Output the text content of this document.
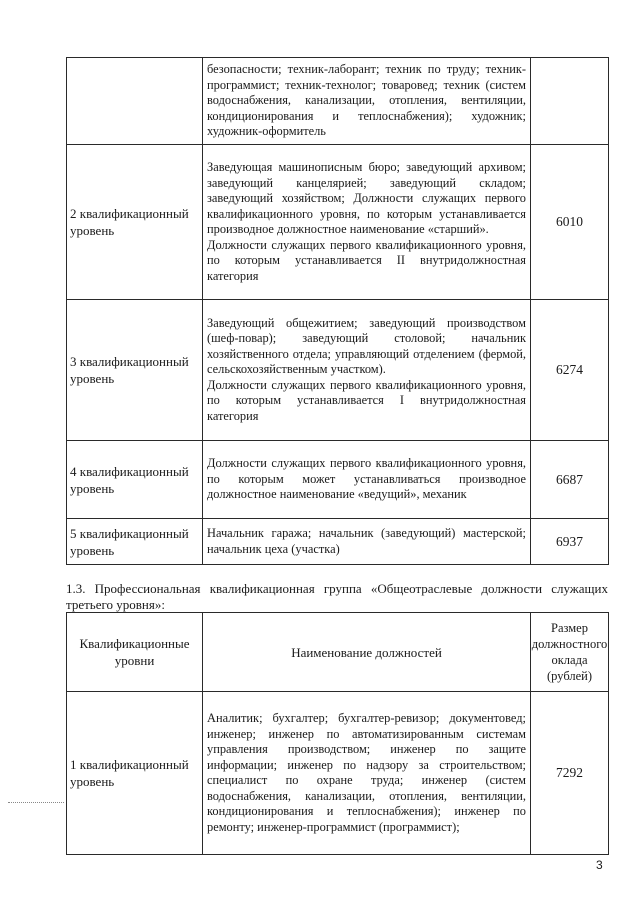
	безопасности; техник-лаборант; техник по труду; техник-программист; техник-технолог; товаровед; техник (систем водоснабжения, канализации, отопления, вентиляции, кондиционирования и теплоснабжения); художник; художник-оформитель	

2 квалификационный уровень	Заведующая машинописным бюро; заведующий архивом; заведующий канцелярией; заведующий складом; заведующий хозяйством; Должности служащих первого квалификационного уровня, по которым устанавливается производное должностное наименование «старший».

Должности служащих первого квалификационного уровня, по которым устанавливается II внутридолжностная категория	6010
3 квалификационный уровень	Заведующий общежитием; заведующий производством (шеф-повар); заведующий столовой; начальник хозяйственного отдела; управляющий отделением (фермой, сельскохозяйственным участком).

Должности служащих первого квалификационного уровня, по которым устанавливается I внутридолжностная категория	6274
4 квалификационный уровень	Должности служащих первого квалификационного уровня, по которым может устанавливаться производное должностное наименование «ведущий», механик	6687
5 квалификационный уровень	Начальник гаража; начальник (заведующий) мастерской; начальник цеха (участка)	6937
1.3. Профессиональная квалификационная группа «Общеотраслевые должности служащих третьего уровня»:
Квалификационные уровни	Наименование должностей	Размер должностного оклада (рублей)
1 квалификационный уровень	Аналитик; бухгалтер; бухгалтер-ревизор; документовед; инженер; инженер по автоматизированным системам управления производством; инженер по защите информации; инженер по надзору за строительством; специалист по охране труда; инженер (систем водоснабжения, канализации, отопления, вентиляции, кондиционирования и теплоснабжения); инженер по ремонту; инженер-программист (программист);	7292
3
